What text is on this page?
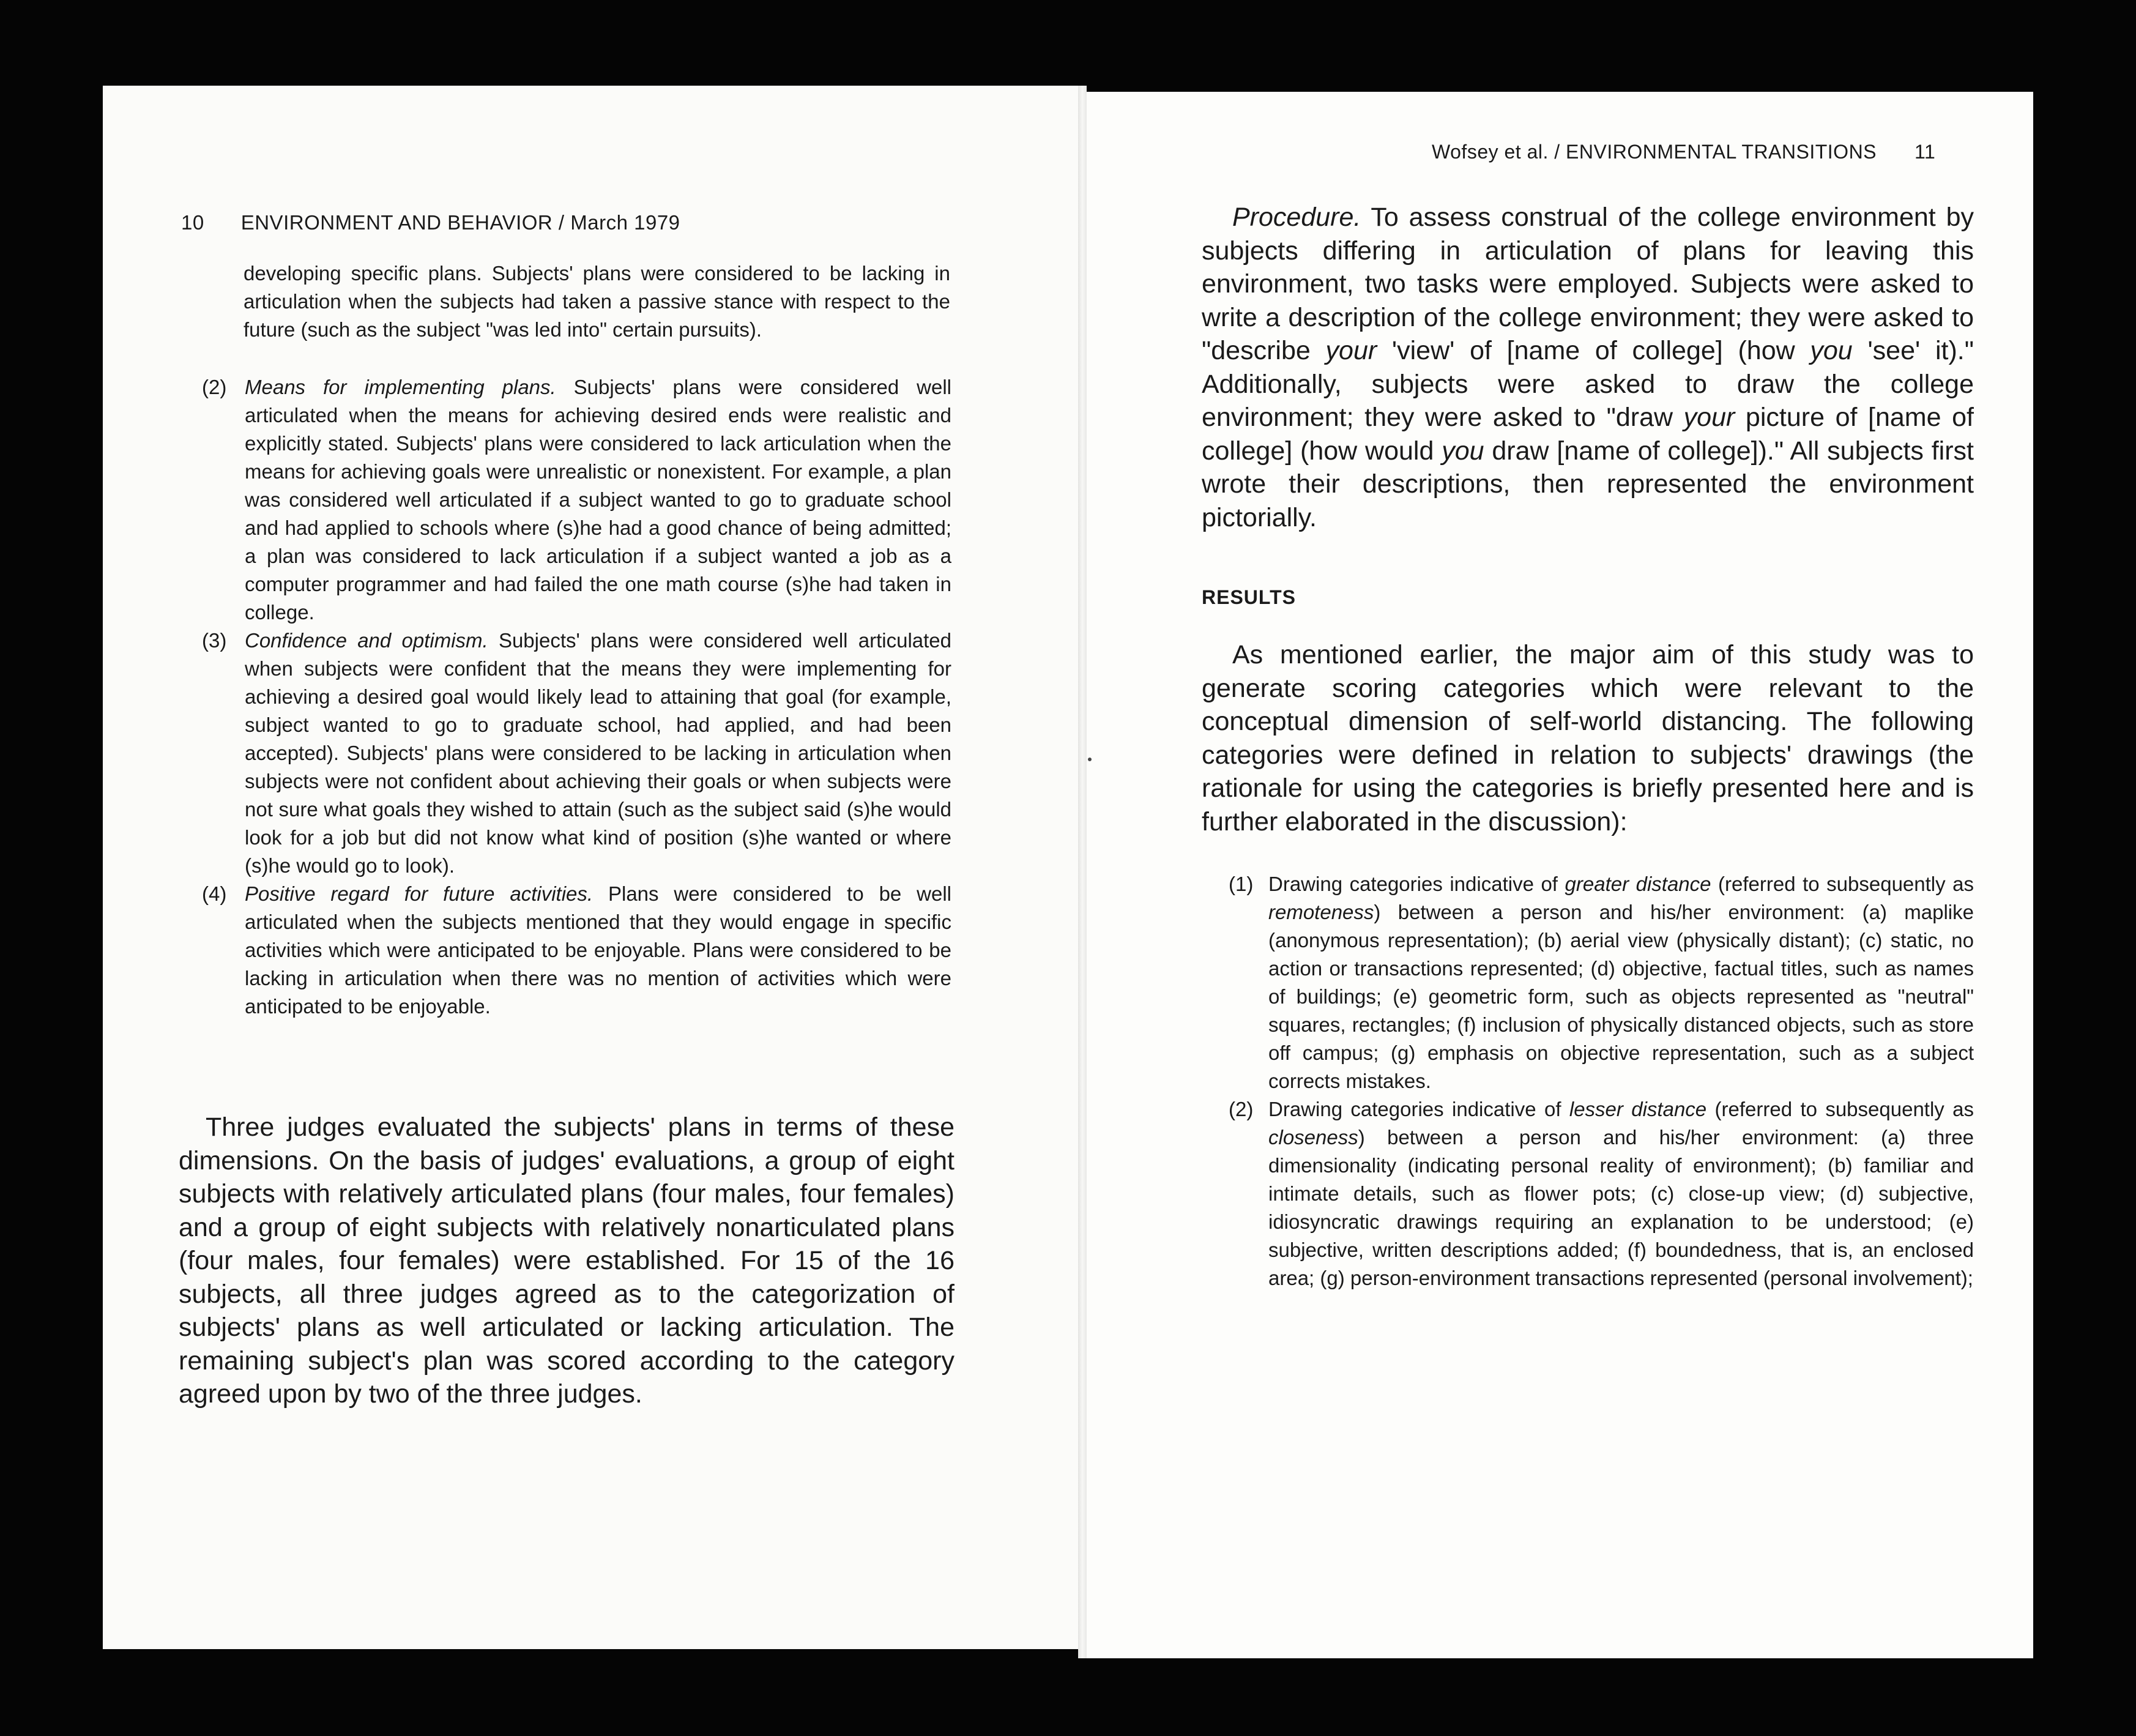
10 ENVIRONMENT AND BEHAVIOR / March 1979
developing specific plans. Subjects' plans were considered to be lacking in articulation when the subjects had taken a passive stance with respect to the future (such as the subject "was led into" certain pursuits).
(2) Means for implementing plans. Subjects' plans were considered well articulated when the means for achieving desired ends were realistic and explicitly stated. Subjects' plans were considered to lack articulation when the means for achieving goals were unrealistic or nonexistent. For example, a plan was considered well articulated if a subject wanted to go to graduate school and had applied to schools where (s)he had a good chance of being admitted; a plan was considered to lack articulation if a subject wanted a job as a computer programmer and had failed the one math course (s)he had taken in college.
(3) Confidence and optimism. Subjects' plans were considered well articulated when subjects were confident that the means they were implementing for achieving a desired goal would likely lead to attaining that goal (for example, subject wanted to go to graduate school, had applied, and had been accepted). Subjects' plans were considered to be lacking in articulation when subjects were not confident about achieving their goals or when subjects were not sure what goals they wished to attain (such as the subject said (s)he would look for a job but did not know what kind of position (s)he wanted or where (s)he would go to look).
(4) Positive regard for future activities. Plans were considered to be well articulated when the subjects mentioned that they would engage in specific activities which were anticipated to be enjoyable. Plans were considered to be lacking in articulation when there was no mention of activities which were anticipated to be enjoyable.
Three judges evaluated the subjects' plans in terms of these dimensions. On the basis of judges' evaluations, a group of eight subjects with relatively articulated plans (four males, four females) and a group of eight subjects with relatively nonarticulated plans (four males, four females) were established. For 15 of the 16 subjects, all three judges agreed as to the categorization of subjects' plans as well articulated or lacking articulation. The remaining subject's plan was scored according to the category agreed upon by two of the three judges.
Wofsey et al. / ENVIRONMENTAL TRANSITIONS 11
Procedure. To assess construal of the college environment by subjects differing in articulation of plans for leaving this environment, two tasks were employed. Subjects were asked to write a description of the college environment; they were asked to "describe your 'view' of [name of college] (how you 'see' it)." Additionally, subjects were asked to draw the college environment; they were asked to "draw your picture of [name of college] (how would you draw [name of college])." All subjects first wrote their descriptions, then represented the environment pictorially.
RESULTS
As mentioned earlier, the major aim of this study was to generate scoring categories which were relevant to the conceptual dimension of self-world distancing. The following categories were defined in relation to subjects' drawings (the rationale for using the categories is briefly presented here and is further elaborated in the discussion):
(1) Drawing categories indicative of greater distance (referred to subsequently as remoteness) between a person and his/her environment: (a) maplike (anonymous representation); (b) aerial view (physically distant); (c) static, no action or transactions represented; (d) objective, factual titles, such as names of buildings; (e) geometric form, such as objects represented as "neutral" squares, rectangles; (f) inclusion of physically distanced objects, such as store off campus; (g) emphasis on objective representation, such as a subject corrects mistakes.
(2) Drawing categories indicative of lesser distance (referred to subsequently as closeness) between a person and his/her environment: (a) three dimensionality (indicating personal reality of environment); (b) familiar and intimate details, such as flower pots; (c) close-up view; (d) subjective, idiosyncratic drawings requiring an explanation to be understood; (e) subjective, written descriptions added; (f) boundedness, that is, an enclosed area; (g) person-environment transactions represented (personal involvement);
